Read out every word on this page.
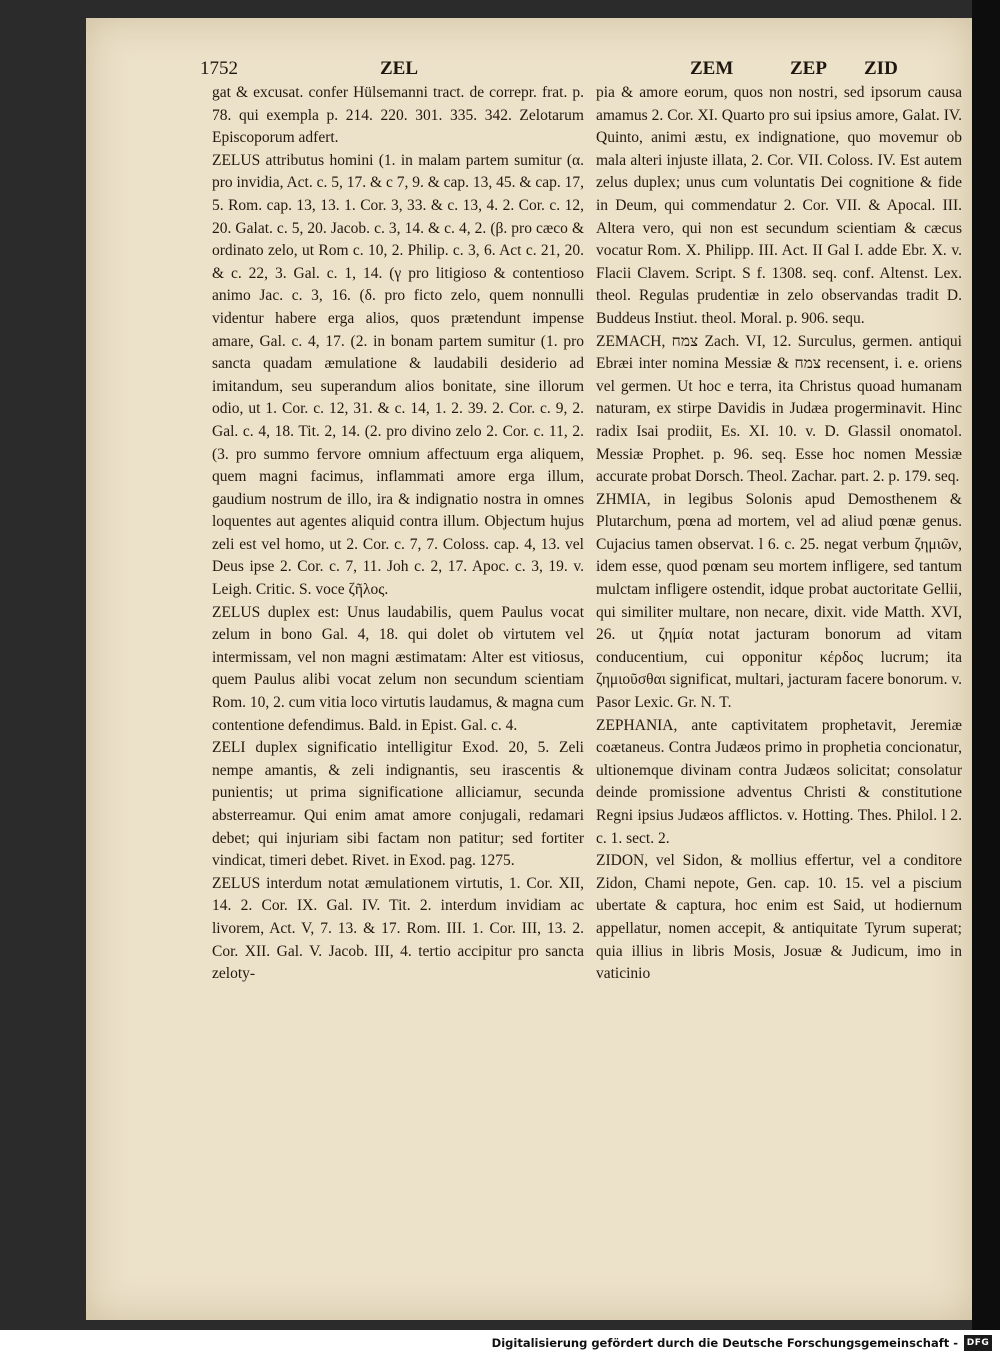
1752	ZEL	ZEM	ZEP ZID
gat & excusat. confer Hülsemanni tract. de correpr. frat. p. 78. qui exempla p. 214. 220. 301. 335. 342. Zelotarum Episcoporum adfert.
ZELUS attributus homini (1. in malam partem sumitur (α. pro invidia, Act. c. 5, 17. & c 7, 9. & cap. 13, 45. & cap. 17, 5. Rom. cap. 13, 13. 1. Cor. 3, 33. & c. 13, 4. 2. Cor. c. 12, 20. Galat. c. 5, 20. Jacob. c. 3, 14. & c. 4, 2. (β. pro cæco & ordinato zelo, ut Rom c. 10, 2. Philip. c. 3, 6. Act c. 21, 20. & c. 22, 3. Gal. c. 1, 14. (γ pro litigioso & contentioso animo Jac. c. 3, 16. (δ. pro ficto zelo, quem nonnulli videntur habere erga alios, quos prætendunt impense amare, Gal. c. 4, 17. (2. in bonam partem sumitur (1. pro sancta quadam æmulatione & laudabili desiderio ad imitandum, seu superandum alios bonitate, sine illorum odio, ut 1. Cor. c. 12, 31. & c. 14, 1. 2. 39. 2. Cor. c. 9, 2. Gal. c. 4, 18. Tit. 2, 14. (2. pro divino zelo 2. Cor. c. 11, 2. (3. pro summo fervore omnium affectuum erga aliquem, quem magni facimus, inflammati amore erga illum, gaudium nostrum de illo, ira & indignatio nostra in omnes loquentes aut agentes aliquid contra illum. Objectum hujus zeli est vel homo, ut 2. Cor. c. 7, 7. Coloss. cap. 4, 13. vel Deus ipse 2. Cor. c. 7, 11. Joh c. 2, 17. Apoc. c. 3, 19. v. Leigh. Critic. S. voce ζῆλος.
ZELUS duplex est: Unus laudabilis, quem Paulus vocat zelum in bono Gal. 4, 18. qui dolet ob virtutem vel intermissam, vel non magni æstimatam: Alter est vitiosus, quem Paulus alibi vocat zelum non secundum scientiam Rom. 10, 2. cum vitia loco virtutis laudamus, & magna cum contentione defendimus. Bald. in Epist. Gal. c. 4.
ZELI duplex significatio intelligitur Exod. 20, 5. Zeli nempe amantis, & zeli indignantis, seu irascentis & punientis; ut prima significatione alliciamur, secunda absterreamur. Qui enim amat amore conjugali, redamari debet; qui injuriam sibi factam non patitur; sed fortiter vindicat, timeri debet. Rivet. in Exod. pag. 1275.
ZELUS interdum notat æmulationem virtutis, 1. Cor. XII, 14. 2. Cor. IX. Gal. IV. Tit. 2. interdum invidiam ac livorem, Act. V, 7. 13. & 17. Rom. III. 1. Cor. III, 13. 2. Cor. XII. Gal. V. Jacob. III, 4. tertio accipitur pro sancta zeloty-
pia & amore eorum, quos non nostri, sed ipsorum causa amamus 2. Cor. XI. Quarto pro sui ipsius amore, Galat. IV. Quinto, animi æstu, ex indignatione, quo movemur ob mala alteri injuste illata, 2. Cor. VII. Coloss. IV. Est autem zelus duplex; unus cum voluntatis Dei cognitione & fide in Deum, qui commendatur 2. Cor. VII. & Apocal. III. Altera vero, qui non est secundum scientiam & cæcus vocatur Rom. X. Philipp. III. Act. II Gal I. adde Ebr. X. v. Flacii Clavem. Script. S f. 1308. seq. conf. Altenst. Lex. theol. Regulas prudentiæ in zelo observandas tradit D. Buddeus Instiut. theol. Moral. p. 906. sequ.
ZEMACH, צמח Zach. VI, 12. Surculus, germen. antiqui Ebræi inter nomina Messiæ & צמח recensent, i. e. oriens vel germen. Ut hoc e terra, ita Christus quoad humanam naturam, ex stirpe Davidis in Judæa progerminavit. Hinc radix Isai prodiit, Es. XI. 10. v. D. Glassil onomatol. Messiæ Prophet. p. 96. seq. Esse hoc nomen Messiæ accurate probat Dorsch. Theol. Zachar. part. 2. p. 179. seq.
ZHMIA, in legibus Solonis apud Demosthenem & Plutarchum, pœna ad mortem, vel ad aliud pœnæ genus. Cujacius tamen observat. l 6. c. 25. negat verbum ζημιῶν, idem esse, quod pœnam seu mortem infligere, sed tantum mulctam infligere ostendit, idque probat auctoritate Gellii, qui similiter multare, non necare, dixit. vide Matth. XVI, 26. ut ζημία notat jacturam bonorum ad vitam conducentium, cui opponitur κέρδος lucrum; ita ζημιοῦσθαι significat, multari, jacturam facere bonorum. v. Pasor Lexic. Gr. N. T.
ZEPHANIA, ante captivitatem prophetavit, Jeremiæ coætaneus. Contra Judæos primo in prophetia concionatur, ultionemque divinam contra Judæos solicitat; consolatur deinde promissione adventus Christi & constitutione Regni ipsius Judæos afflictos. v. Hotting. Thes. Philol. l 2. c. 1. sect. 2.
ZIDON, vel Sidon, & mollius effertur, vel a conditore Zidon, Chami nepote, Gen. cap. 10. 15. vel a piscium ubertate & captura, hoc enim est Said, ut hodiernum appellatur, nomen accepit, & antiquitate Tyrum superat; quia illius in libris Mosis, Josuæ & Judicum, imo in vaticinio
Digitalisierung gefördert durch die Deutsche Forschungsgemeinschaft - DFG
